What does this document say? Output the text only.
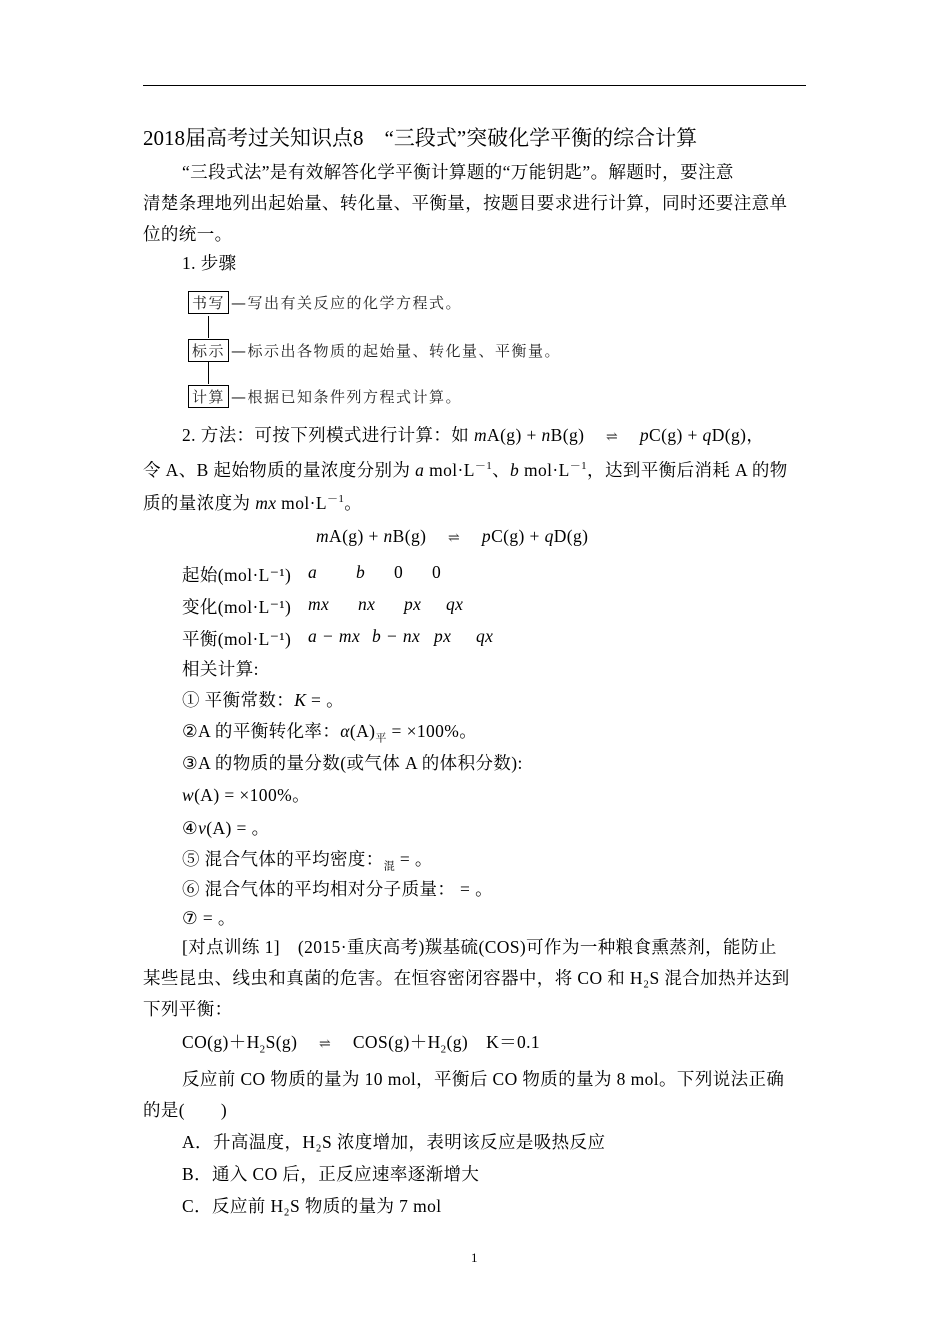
2018届高考过关知识点8　“三段式”突破化学平衡的综合计算
“三段式法”是有效解答化学平衡计算题的“万能钥匙”。解题时，要注意
清楚条理地列出起始量、转化量、平衡量，按题目要求进行计算，同时还要注意单
位的统一。
1. 步骤
书写 —写出有关反应的化学方程式。
标示 —标示出各物质的起始量、转化量、平衡量。
计算 —根据已知条件列方程式计算。
2. 方法：可按下列模式进行计算：如 mA(g) + nB(g) ⇌ pC(g) + qD(g)，
令 A、B 起始物质的量浓度分别为 a $mol\cdot L^{-1}$、b $mol\cdot L^{-1}$，达到平衡后消耗 A 的物
质的量浓度为 mx $mol\cdot L^{-1}$。
mA(g) + nB(g) ⇌ pC(g) + qD(g)
起始(mol·L⁻¹) a b 0 0
变化(mol·L⁻¹) mx nx px qx
平衡(mol·L⁻¹) a − mx b − nx px qx
相关计算:
① 平衡常数：K = 。
②A 的平衡转化率：$\alpha(A)_平 = \times 100\%$。
③A 的物质的量分数(或气体 A 的体积分数):
w(A) = ×100%。
④v(A) = 。
⑤ 混合气体的平均密度：$_混$ = 。
⑥ 混合气体的平均相对分子质量： = 。
⑦ = 。
[对点训练 1]　(2015·重庆高考)羰基硫(COS)可作为一种粮食熏蒸剂，能防止
某些昆虫、线虫和真菌的危害。在恒容密闭容器中，将 CO 和 H₂S 混合加热并达到
下列平衡：
$CO(g)+H_2S(g)$ ⇌ $COS(g)+H_2(g)$　K＝0.1
反应前 CO 物质的量为 10 mol，平衡后 CO 物质的量为 8 mol。下列说法正确
的是(　　)
A．升高温度，H₂S 浓度增加，表明该反应是吸热反应
B．通入 CO 后，正反应速率逐渐增大
C．反应前 H₂S 物质的量为 7 mol
1
